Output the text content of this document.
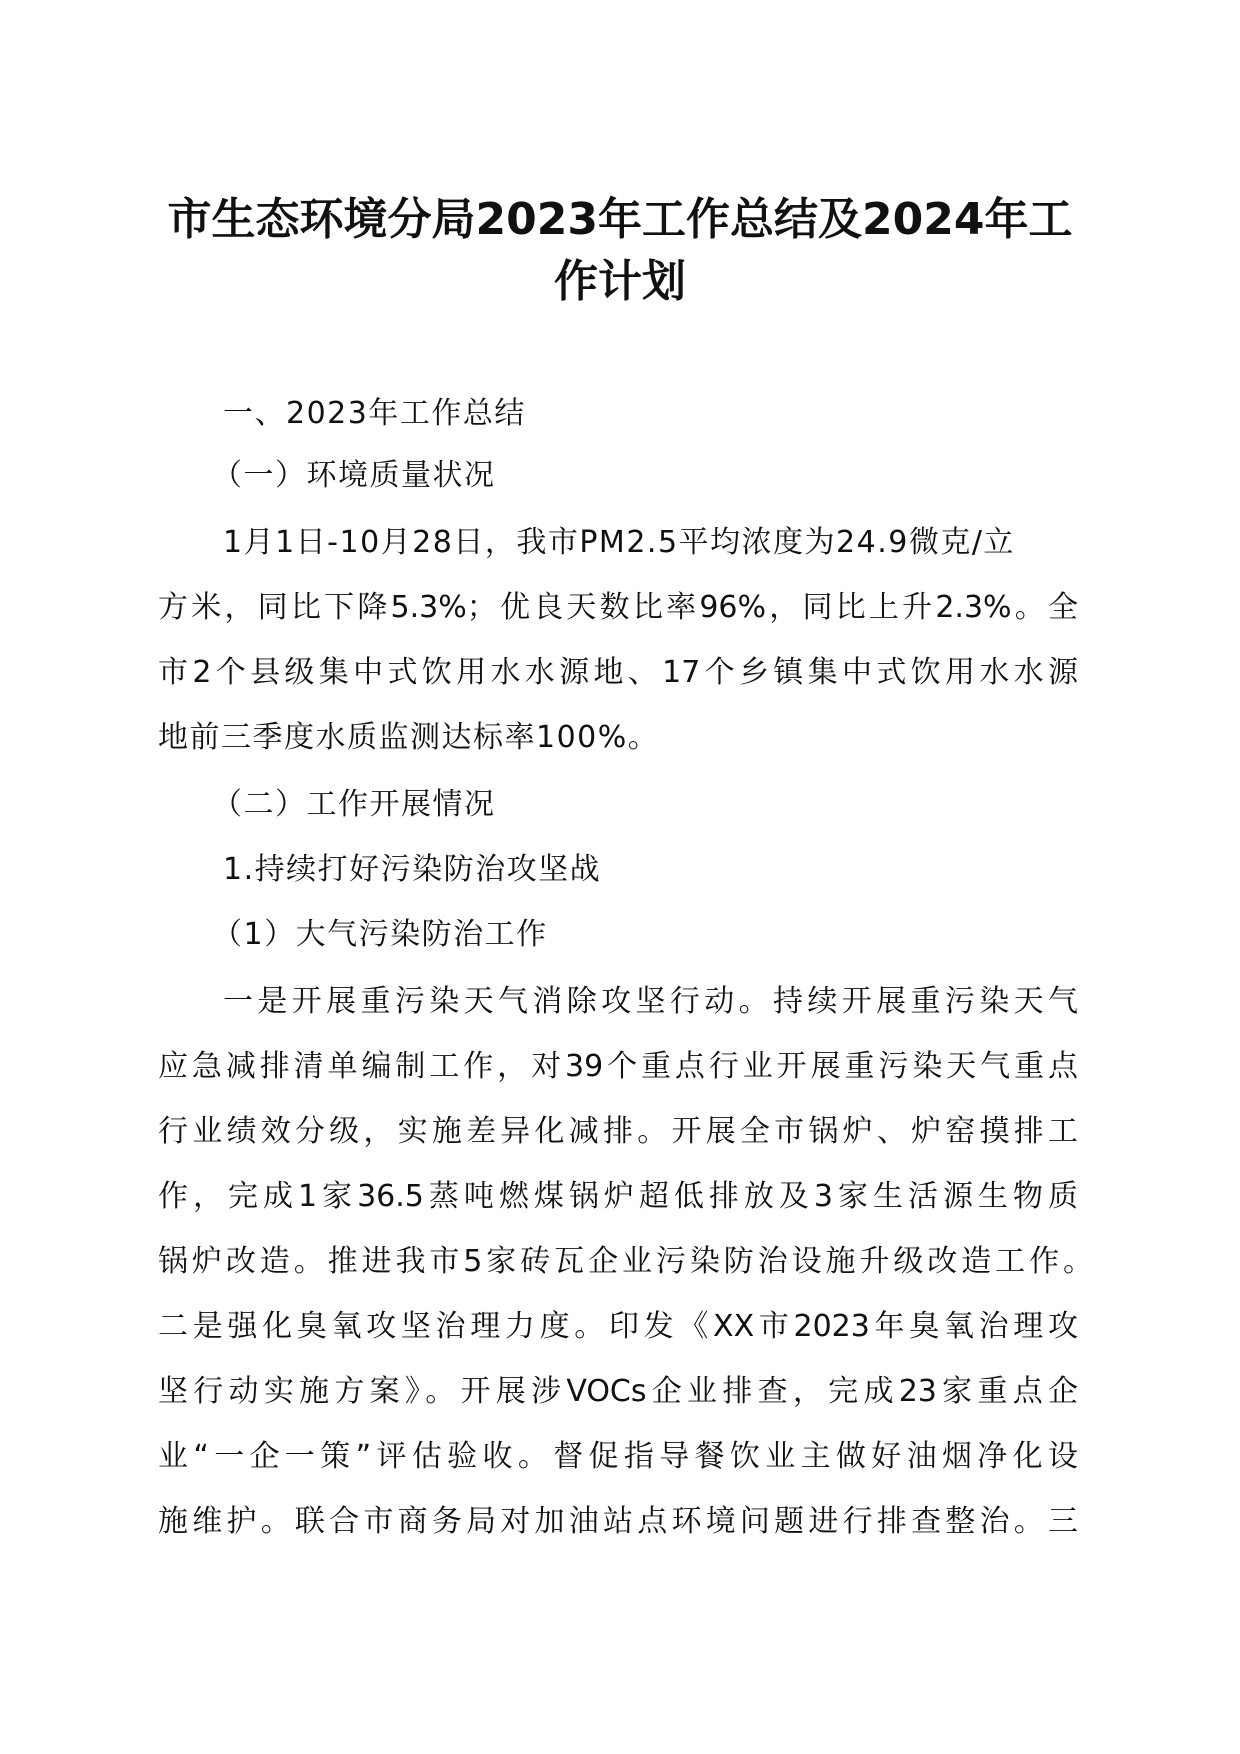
市生态环境分局2023年工作总结及2024年工
作计划
一、2023年工作总结
（一）环境质量状况
1月1日-10月28日，我市PM2.5平均浓度为24.9微克/立
方米，同比下降5.3%；优良天数比率96%，同比上升2.3%。全
市2个县级集中式饮用水水源地、17个乡镇集中式饮用水水源
地前三季度水质监测达标率100%。
（二）工作开展情况
1.持续打好污染防治攻坚战
（1）大气污染防治工作
一是开展重污染天气消除攻坚行动。持续开展重污染天气
应急减排清单编制工作，对39个重点行业开展重污染天气重点
行业绩效分级，实施差异化减排。开展全市锅炉、炉窑摸排工
作，完成1家36.5蒸吨燃煤锅炉超低排放及3家生活源生物质
锅炉改造。推进我市5家砖瓦企业污染防治设施升级改造工作。
二是强化臭氧攻坚治理力度。印发《XX市2023年臭氧治理攻
坚行动实施方案》。开展涉VOCs企业排查，完成23家重点企
业“一企一策”评估验收。督促指导餐饮业主做好油烟净化设
施维护。联合市商务局对加油站点环境问题进行排查整治。三
